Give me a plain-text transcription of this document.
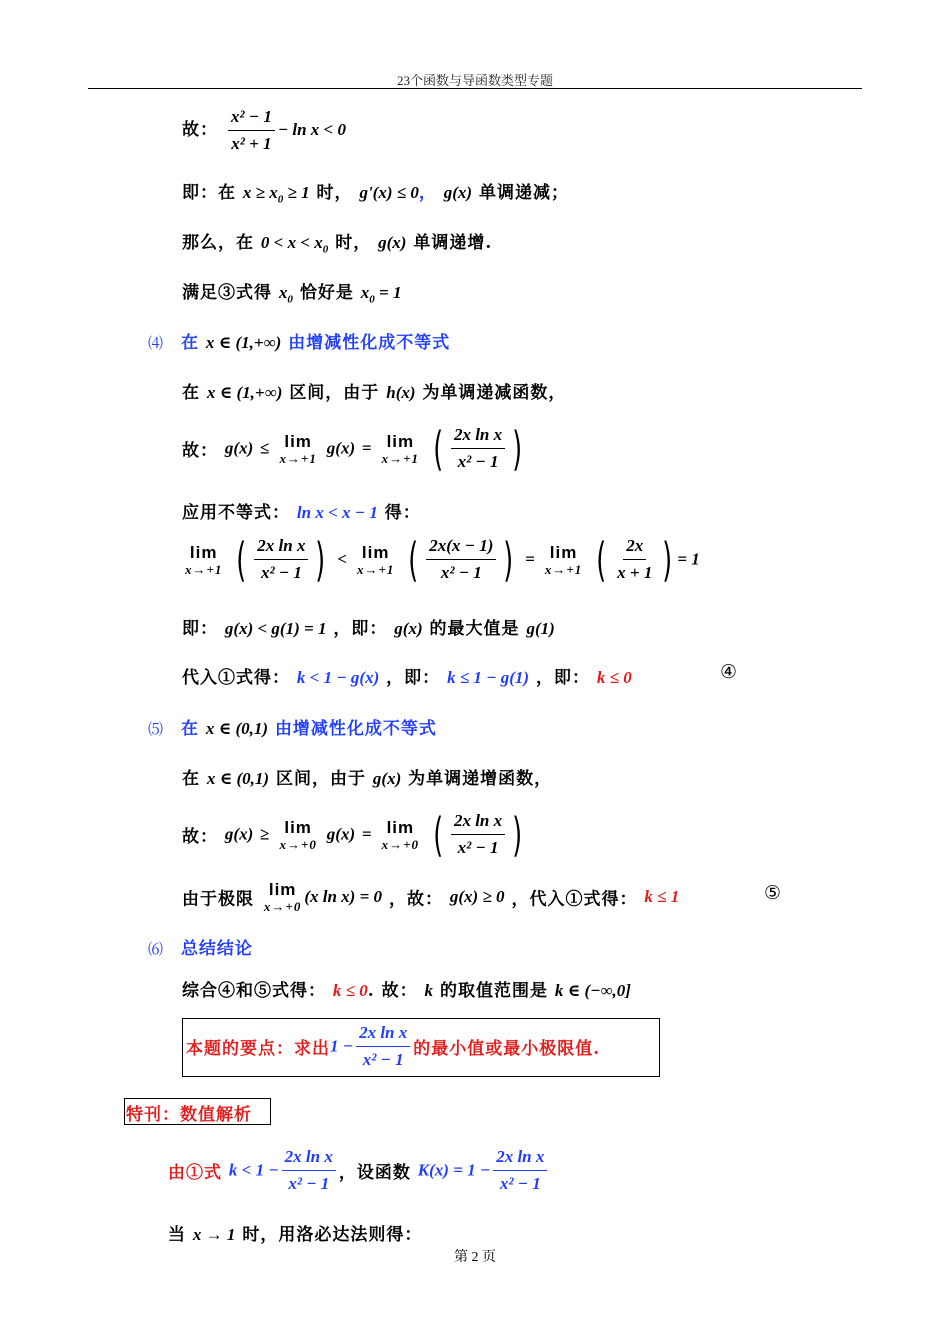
23个函数与导函数类型专题
故： $\frac{\text{x² − 1}}{\text{x² + 1}} - \ln x < 0$
即：在 $x \ge x_0 \ge 1$ 时， g'(x) ≤ 0， g(x) 单调递减；
那么，在 $0 < x < x_0$ 时， g(x) 单调递增.
满足③式得 $x_0$ 恰好是 $x_0 = 1$
⑷ 在 x ∈ (1,+∞) 由增减性化成不等式
在 x ∈ (1,+∞) 区间，由于 h(x) 为单调递减函数，
故： g(x) ≤ lim
x→+1
g(x) = lim
x→+1
( $\frac{\text{2x ln x}}{\text{x² − 1}}$ )
应用不等式： ln x < x − 1 得：
lim
x→+1
( $\frac{\text{2x ln x}}{\text{x² − 1}}$ ) < lim
x→+1
( $\frac{2x(x - 1)}{\text{x² − 1}}$ ) = lim
x→+1
( $\frac{2x}{x + 1}$ ) = 1
即： g(x) < g(1) = 1 ，即： g(x) 的最大值是 g(1)
代入①式得： k < 1 − g(x) ，即： k ≤ 1 − g(1) ，即： k ≤ 0	④
⑸ 在 x ∈ (0,1) 由增减性化成不等式
在 x ∈ (0,1) 区间，由于 g(x) 为单调递增函数，
故： g(x) ≥ lim
x→+0
g(x) = lim
x→+0
( $\frac{\text{2x ln x}}{\text{x² − 1}}$ )
由于极限 lim
x→+0
(x ln x) = 0 ，故： g(x) ≥ 0 ，代入①式得： k ≤ 1	⑤
⑹ 总结结论
综合④和⑤式得： k ≤ 0. 故： k 的取值范围是 k ∈ (−∞,0]
本题的要点：求出$1 - \frac{\text{2x ln x}}{\text{x² − 1}}$ 的最小值或最小极限值.
特刊：数值解析
由①式 $k < 1 - \frac{\text{2x ln x}}{\text{x² − 1}}$ ，设函数 $K(x) = 1 - \frac{\text{2x ln x}}{\text{x² − 1}}$
当 x → 1 时，用洛必达法则得：
第 2 页
